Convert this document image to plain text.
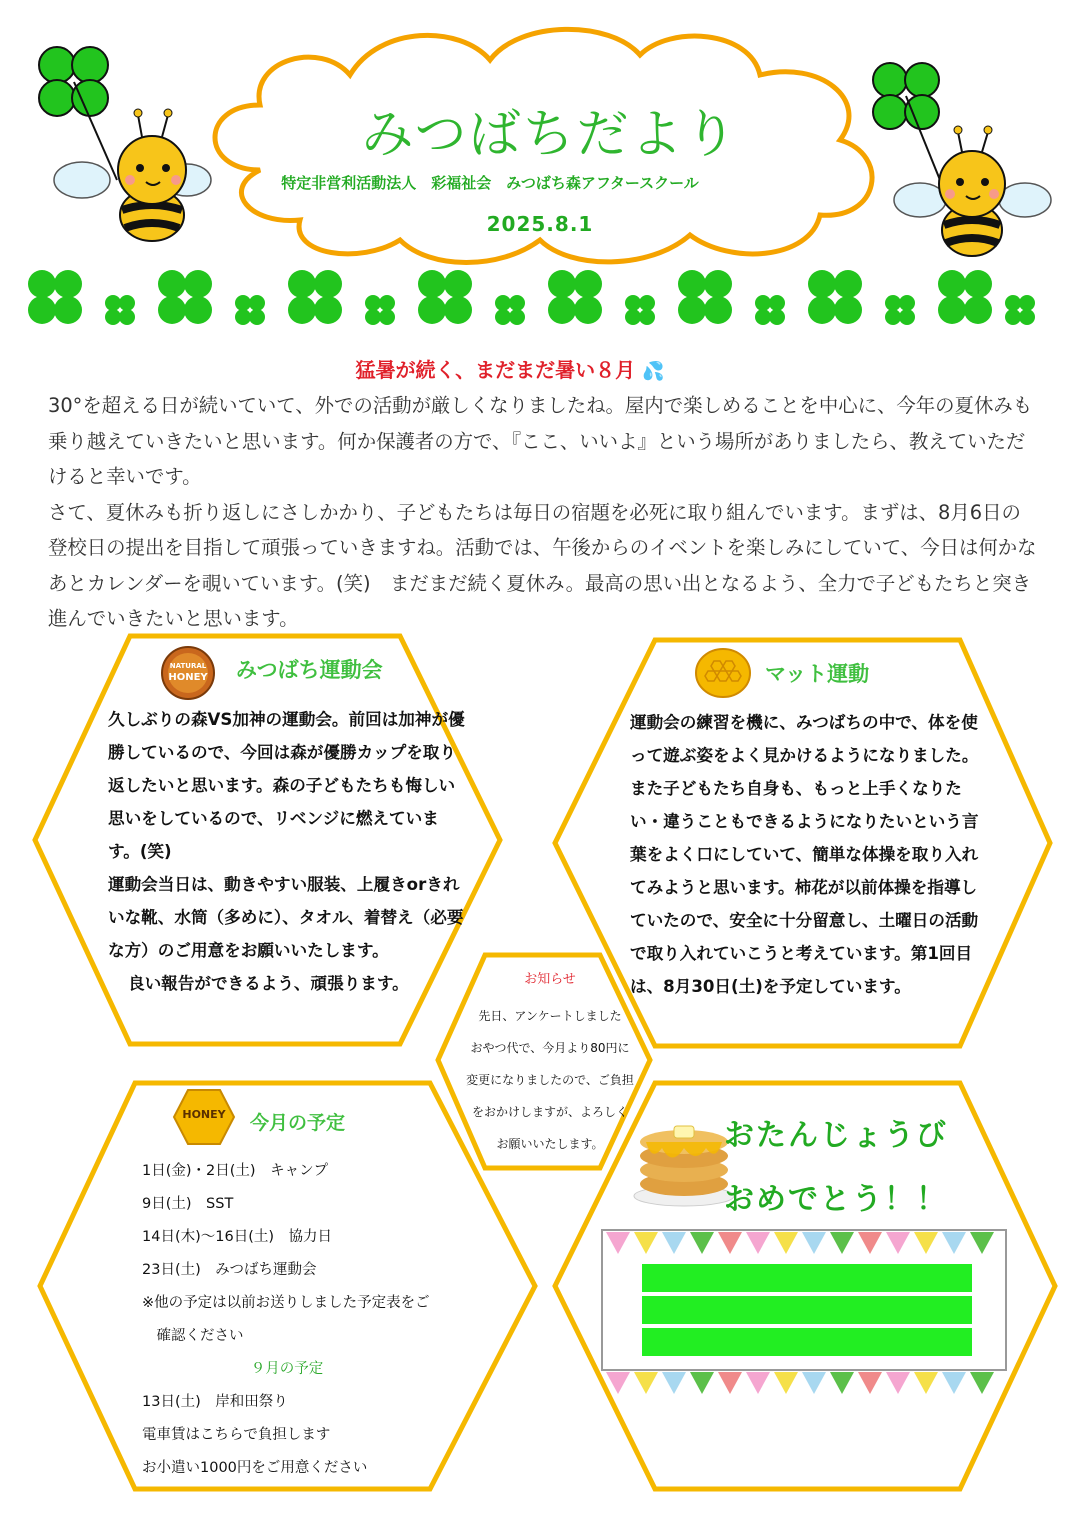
みつばちだより
特定非営利活動法人　彩福祉会　みつばち森アフタースクール
2025.8.1
猛暑が続く、まだまだ暑い８月 💦

30°を超える日が続いていて、外での活動が厳しくなりましたね。屋内で楽しめることを中心に、今年の夏休みも乗り越えていきたいと思います。何か保護者の方で、『ここ、いいよ』という場所がありましたら、教えていただけると幸いです。

さて、夏休みも折り返しにさしかかり、子どもたちは毎日の宿題を必死に取り組んでいます。まずは、8月6日の登校日の提出を目指して頑張っていきますね。活動では、午後からのイベントを楽しみにしていて、今日は何かなあとカレンダーを覗いています。(笑)　まだまだ続く夏休み。最高の思い出となるよう、全力で子どもたちと突き進んでいきたいと思います。

NATURAL
HONEY	みつばち運動会

久しぶりの森VS加神の運動会。前回は加神が優勝しているので、今回は森が優勝カップを取り返したいと思います。森の子どもたちも悔しい思いをしているので、リベンジに燃えています。(笑)

運動会当日は、動きやすい服装、上履きorきれいな靴、水筒（多めに）、タオル、着替え（必要な方）のご用意をお願いいたします。

良い報告ができるよう、頑張ります。

マット運動
運動会の練習を機に、みつばちの中で、体を使って遊ぶ姿をよく見かけるようになりました。また子どもたち自身も、もっと上手くなりたい・違うこともできるようになりたいという言葉をよく口にしていて、簡単な体操を取り入れてみようと思います。柿花が以前体操を指導していたので、安全に十分留意し、土曜日の活動で取り入れていこうと考えています。第1回目は、8月30日(土)を予定しています。
お知らせ

先日、アンケートしました

おやつ代で、今月より80円に

変更になりましたので、ご負担

をおかけしますが、よろしく

お願いいたします。

HONEY	今月の予定

1日(金)・2日(土)　キャンプ

9日(土)　SST

14日(木)〜16日(土)　協力日

23日(土)　みつばち運動会

※他の予定は以前お送りしました予定表をご

　確認ください

９月の予定

13日(土)　岸和田祭り

電車賃はこちらで負担します

お小遣い1000円をご用意ください

おたんじょうび
おめでとう！！
